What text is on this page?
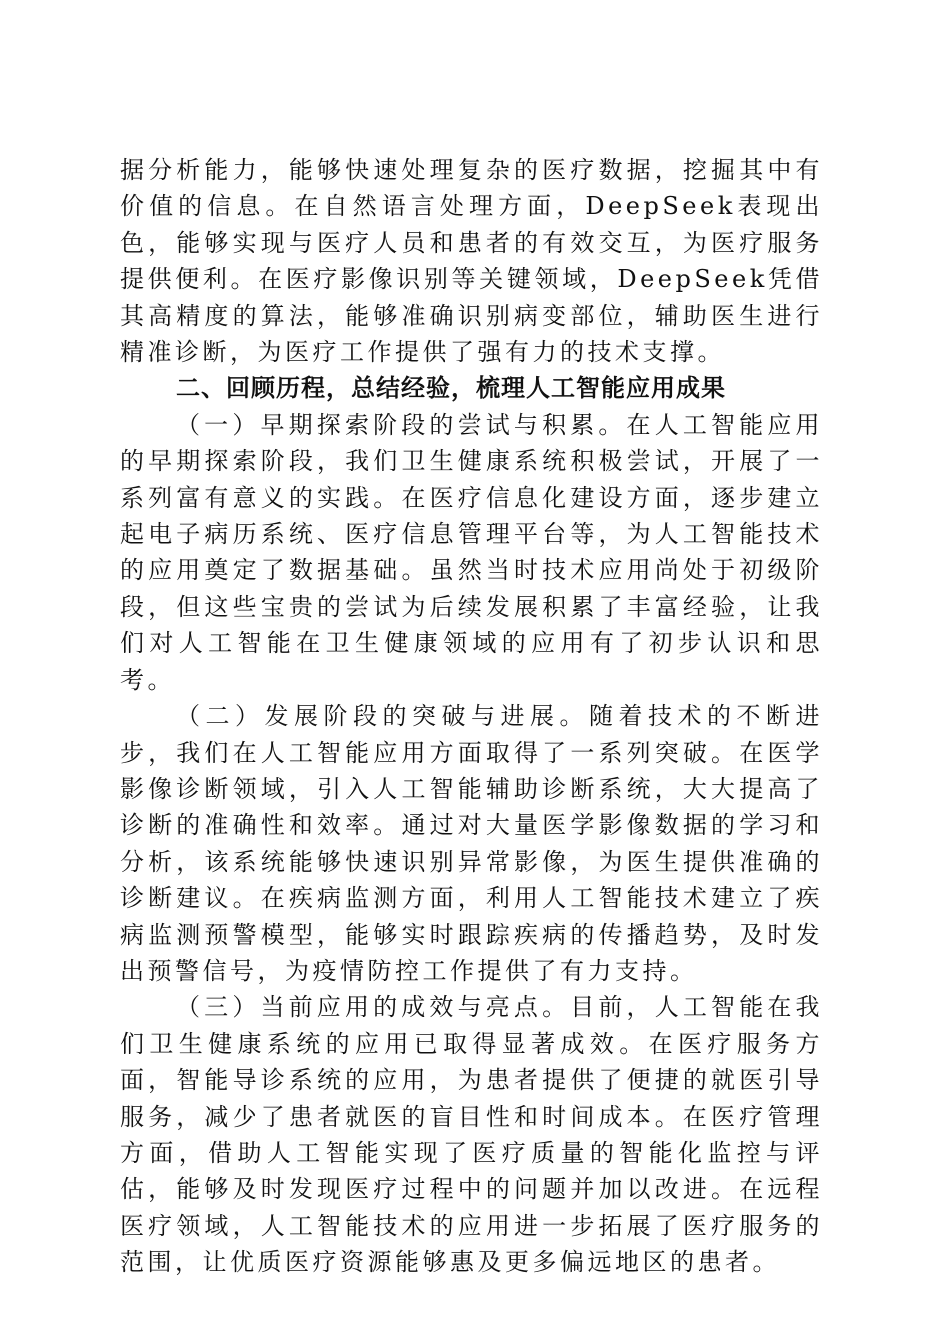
据分析能力，能够快速处理复杂的医疗数据，挖掘其中有价值的信息。在自然语言处理方面，DeepSeek表现出色，能够实现与医疗人员和患者的有效交互，为医疗服务提供便利。在医疗影像识别等关键领域，DeepSeek凭借其高精度的算法，能够准确识别病变部位，辅助医生进行精准诊断，为医疗工作提供了强有力的技术支撑。

二、回顾历程，总结经验，梳理人工智能应用成果

（一）早期探索阶段的尝试与积累。在人工智能应用的早期探索阶段，我们卫生健康系统积极尝试，开展了一系列富有意义的实践。在医疗信息化建设方面，逐步建立起电子病历系统、医疗信息管理平台等，为人工智能技术的应用奠定了数据基础。虽然当时技术应用尚处于初级阶段，但这些宝贵的尝试为后续发展积累了丰富经验，让我们对人工智能在卫生健康领域的应用有了初步认识和思考。

（二）发展阶段的突破与进展。随着技术的不断进步，我们在人工智能应用方面取得了一系列突破。在医学影像诊断领域，引入人工智能辅助诊断系统，大大提高了诊断的准确性和效率。通过对大量医学影像数据的学习和分析，该系统能够快速识别异常影像，为医生提供准确的诊断建议。在疾病监测方面，利用人工智能技术建立了疾病监测预警模型，能够实时跟踪疾病的传播趋势，及时发出预警信号，为疫情防控工作提供了有力支持。

（三）当前应用的成效与亮点。目前，人工智能在我们卫生健康系统的应用已取得显著成效。在医疗服务方面，智能导诊系统的应用，为患者提供了便捷的就医引导服务，减少了患者就医的盲目性和时间成本。在医疗管理方面，借助人工智能实现了医疗质量的智能化监控与评估，能够及时发现医疗过程中的问题并加以改进。在远程医疗领域，人工智能技术的应用进一步拓展了医疗服务的范围，让优质医疗资源能够惠及更多偏远地区的患者。
